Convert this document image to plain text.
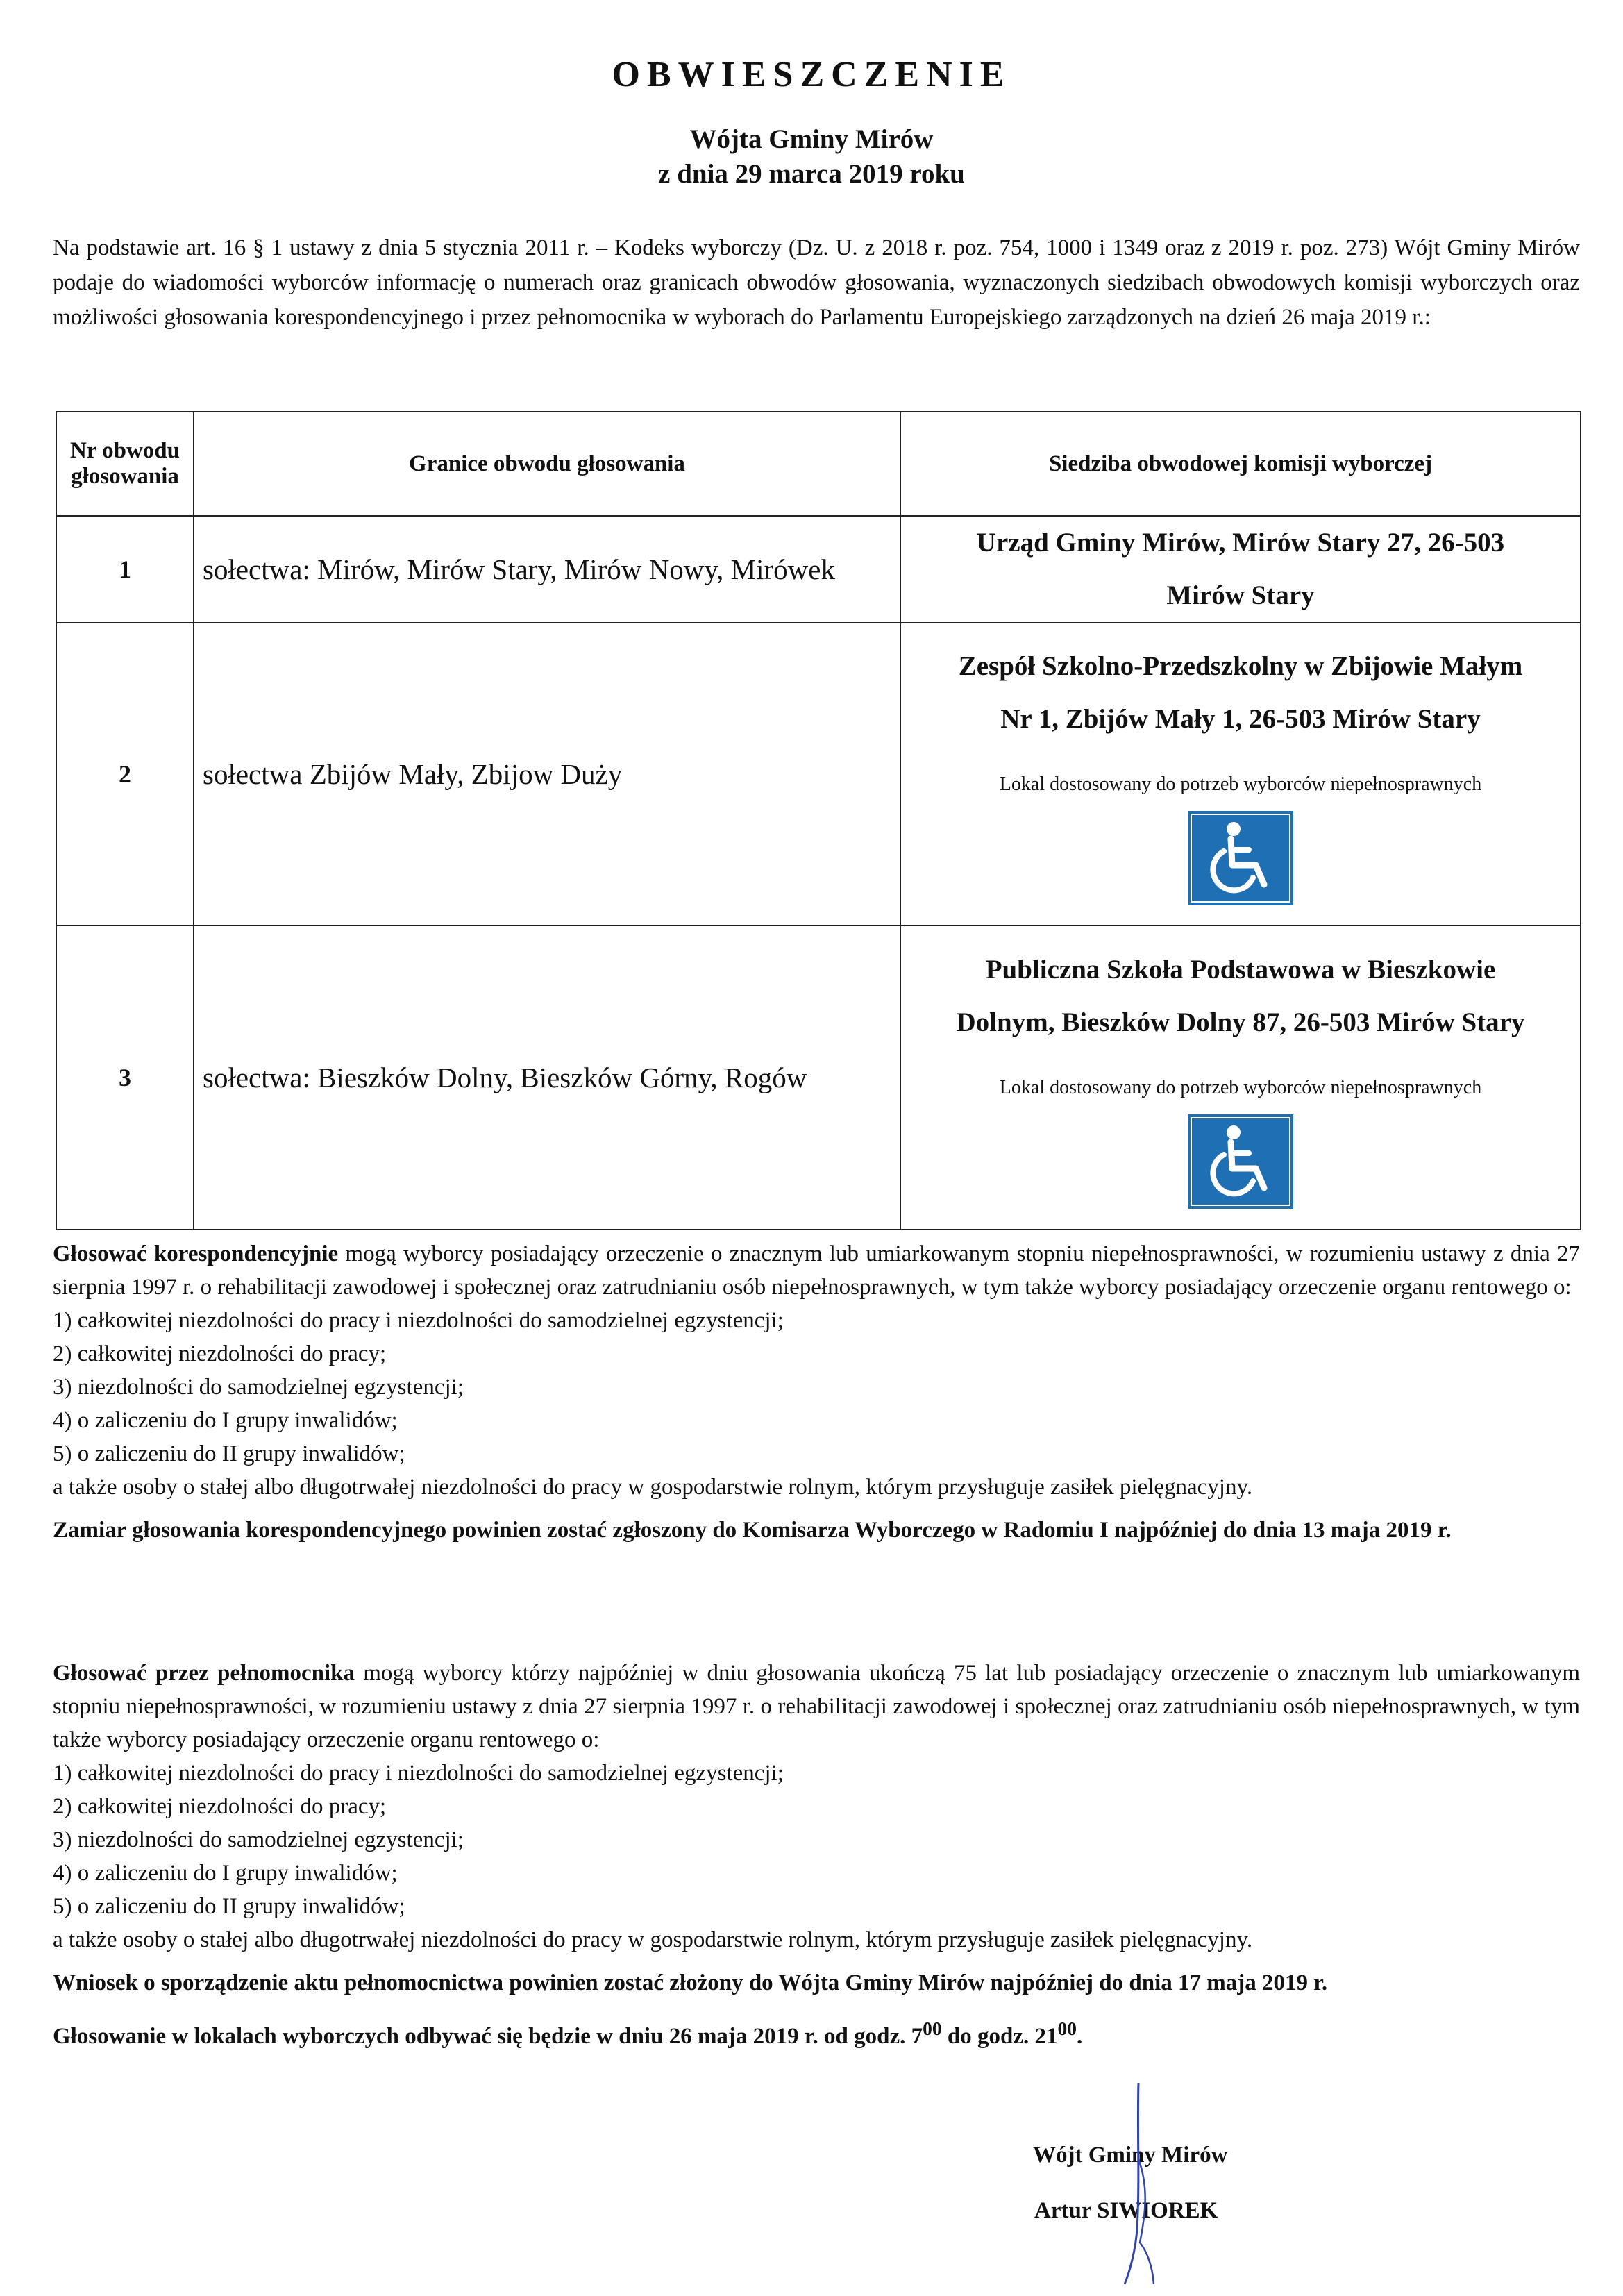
OBWIESZCZENIE
Wójta Gminy Mirów
z dnia 29 marca 2019 roku

Na podstawie art. 16 § 1 ustawy z dnia 5 stycznia 2011 r. – Kodeks wyborczy (Dz. U. z 2018 r. poz. 754, 1000 i 1349 oraz z 2019 r. poz. 273) Wójt Gminy Mirów podaje do wiadomości wyborców informację o numerach oraz granicach obwodów głosowania, wyznaczonych siedzibach obwodowych komisji wyborczych oraz możliwości głosowania korespondencyjnego i przez pełnomocnika w wyborach do Parlamentu Europejskiego zarządzonych na dzień 26 maja 2019 r.:

Nr obwodu głosowania	Granice obwodu głosowania	Siedziba obwodowej komisji wyborczej
1	sołectwa: Mirów, Mirów Stary, Mirów Nowy, Mirówek	Urząd Gminy Mirów, Mirów Stary 27, 26-503
Mirów Stary

2	sołectwa Zbijów Mały, Zbijow Duży	Zespół Szkolno-Przedszkolny w Zbijowie Małym
Nr 1, Zbijów Mały 1, 26-503 Mirów Stary
Lokal dostosowany do potrzeb wyborców niepełnosprawnych

3	sołectwa: Bieszków Dolny, Bieszków Górny, Rogów	Publiczna Szkoła Podstawowa w Bieszkowie
Dolnym, Bieszków Dolny 87, 26-503 Mirów Stary
Lokal dostosowany do potrzeb wyborców niepełnosprawnych
Głosować korespondencyjnie mogą wyborcy posiadający orzeczenie o znacznym lub umiarkowanym stopniu niepełnosprawności, w rozumieniu ustawy z dnia 27 sierpnia 1997 r. o rehabilitacji zawodowej i społecznej oraz zatrudnianiu osób niepełnosprawnych, w tym także wyborcy posiadający orzeczenie organu rentowego o:
1) całkowitej niezdolności do pracy i niezdolności do samodzielnej egzystencji;
2) całkowitej niezdolności do pracy;
3) niezdolności do samodzielnej egzystencji;
4) o zaliczeniu do I grupy inwalidów;
5) o zaliczeniu do II grupy inwalidów;
a także osoby o stałej albo długotrwałej niezdolności do pracy w gospodarstwie rolnym, którym przysługuje zasiłek pielęgnacyjny.
Zamiar głosowania korespondencyjnego powinien zostać zgłoszony do Komisarza Wyborczego w Radomiu I najpóźniej do dnia 13 maja 2019 r.
Głosować przez pełnomocnika mogą wyborcy którzy najpóźniej w dniu głosowania ukończą 75 lat lub posiadający orzeczenie o znacznym lub umiarkowanym stopniu niepełnosprawności, w rozumieniu ustawy z dnia 27 sierpnia 1997 r. o rehabilitacji zawodowej i społecznej oraz zatrudnianiu osób niepełnosprawnych, w tym także wyborcy posiadający orzeczenie organu rentowego o:
1) całkowitej niezdolności do pracy i niezdolności do samodzielnej egzystencji;
2) całkowitej niezdolności do pracy;
3) niezdolności do samodzielnej egzystencji;
4) o zaliczeniu do I grupy inwalidów;
5) o zaliczeniu do II grupy inwalidów;
a także osoby o stałej albo długotrwałej niezdolności do pracy w gospodarstwie rolnym, którym przysługuje zasiłek pielęgnacyjny.
Wniosek o sporządzenie aktu pełnomocnictwa powinien zostać złożony do Wójta Gminy Mirów najpóźniej do dnia 17 maja 2019 r.
Głosowanie w lokalach wyborczych odbywać się będzie w dniu 26 maja 2019 r. od godz. $7^{00}$ do godz. $21^{00}$.
Wójt Gminy Mirów
Artur SIWIOREK
